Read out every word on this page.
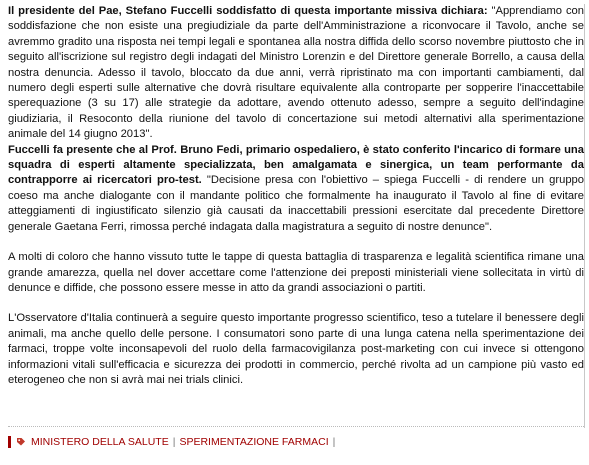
Il presidente del Pae, Stefano Fuccelli soddisfatto di questa importante missiva dichiara: "Apprendiamo con soddisfazione che non esiste una pregiudiziale da parte dell'Amministrazione a riconvocare il Tavolo, anche se avremmo gradito una risposta nei tempi legali e spontanea alla nostra diffida dello scorso novembre piuttosto che in seguito all'iscrizione sul registro degli indagati del Ministro Lorenzin e del Direttore generale Borrello, a causa della nostra denuncia. Adesso il tavolo, bloccato da due anni, verrà ripristinato ma con importanti cambiamenti, dal numero degli esperti sulle alternative che dovrà risultare equivalente alla controparte per sopperire l'inaccettabile sperequazione (3 su 17) alle strategie da adottare, avendo ottenuto adesso, sempre a seguito dell'indagine giudiziaria, il Resoconto della riunione del tavolo di concertazione sui metodi alternativi alla sperimentazione animale del 14 giugno 2013".

Fuccelli fa presente che al Prof. Bruno Fedi, primario ospedaliero, è stato conferito l'incarico di formare una squadra di esperti altamente specializzata, ben amalgamata e sinergica, un team performante da contrapporre ai ricercatori pro-test. "Decisione presa con l'obiettivo – spiega Fuccelli - di rendere un gruppo coeso ma anche dialogante con il mandante politico che formalmente ha inaugurato il Tavolo al fine di evitare atteggiamenti di ingiustificato silenzio già causati da inaccettabili pressioni esercitate dal precedente Direttore generale Gaetana Ferri, rimossa perché indagata dalla magistratura a seguito di nostre denunce".

A molti di coloro che hanno vissuto tutte le tappe di questa battaglia di trasparenza e legalità scientifica rimane una grande amarezza, quella nel dover accettare come l'attenzione dei preposti ministeriali viene sollecitata in virtù di denunce e diffide, che possono essere messe in atto da grandi associazioni o partiti.

L'Osservatore d'Italia continuerà a seguire questo importante progresso scientifico, teso a tutelare il benessere degli animali, ma anche quello delle persone. I consumatori sono parte di una lunga catena nella sperimentazione dei farmaci, troppe volte inconsapevoli del ruolo della farmacovigilanza post-marketing con cui invece si ottengono informazioni vitali sull'efficacia e sicurezza dei prodotti in commercio, perché rivolta ad un campione più vasto ed eterogeneo che non si avrà mai nei trials clinici.

MINISTERO DELLA SALUTE | SPERIMENTAZIONE FARMACI |
